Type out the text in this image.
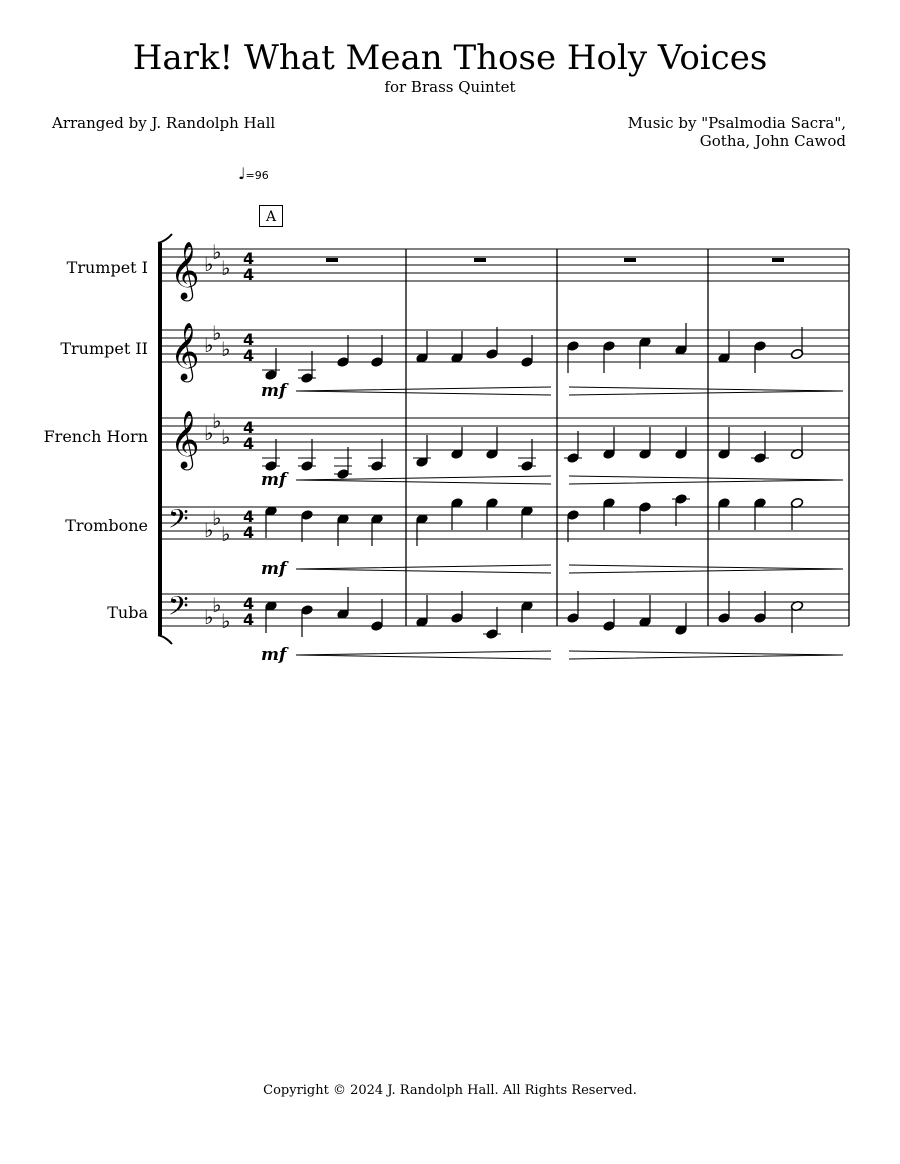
Hark! What Mean Those Holy Voices
for Brass Quintet
Arranged by J. Randolph Hall	Music by "Psalmodia Sacra",
Gotha, John Cawod
♩=96
A
Trumpet I
Trumpet II
French Horn
Trombone
Tuba
𝄞 ♭
♭
♭ 4
4
𝄞 ♭
♭
♭ 4
4
𝄞 ♭
♭
♭ 4
4
𝄢 ♭
♭
♭
4
4
𝄢 ♭
♭
♭
4
4
mf
mf
mf
mf
Copyright © 2024 J. Randolph Hall. All Rights Reserved.
